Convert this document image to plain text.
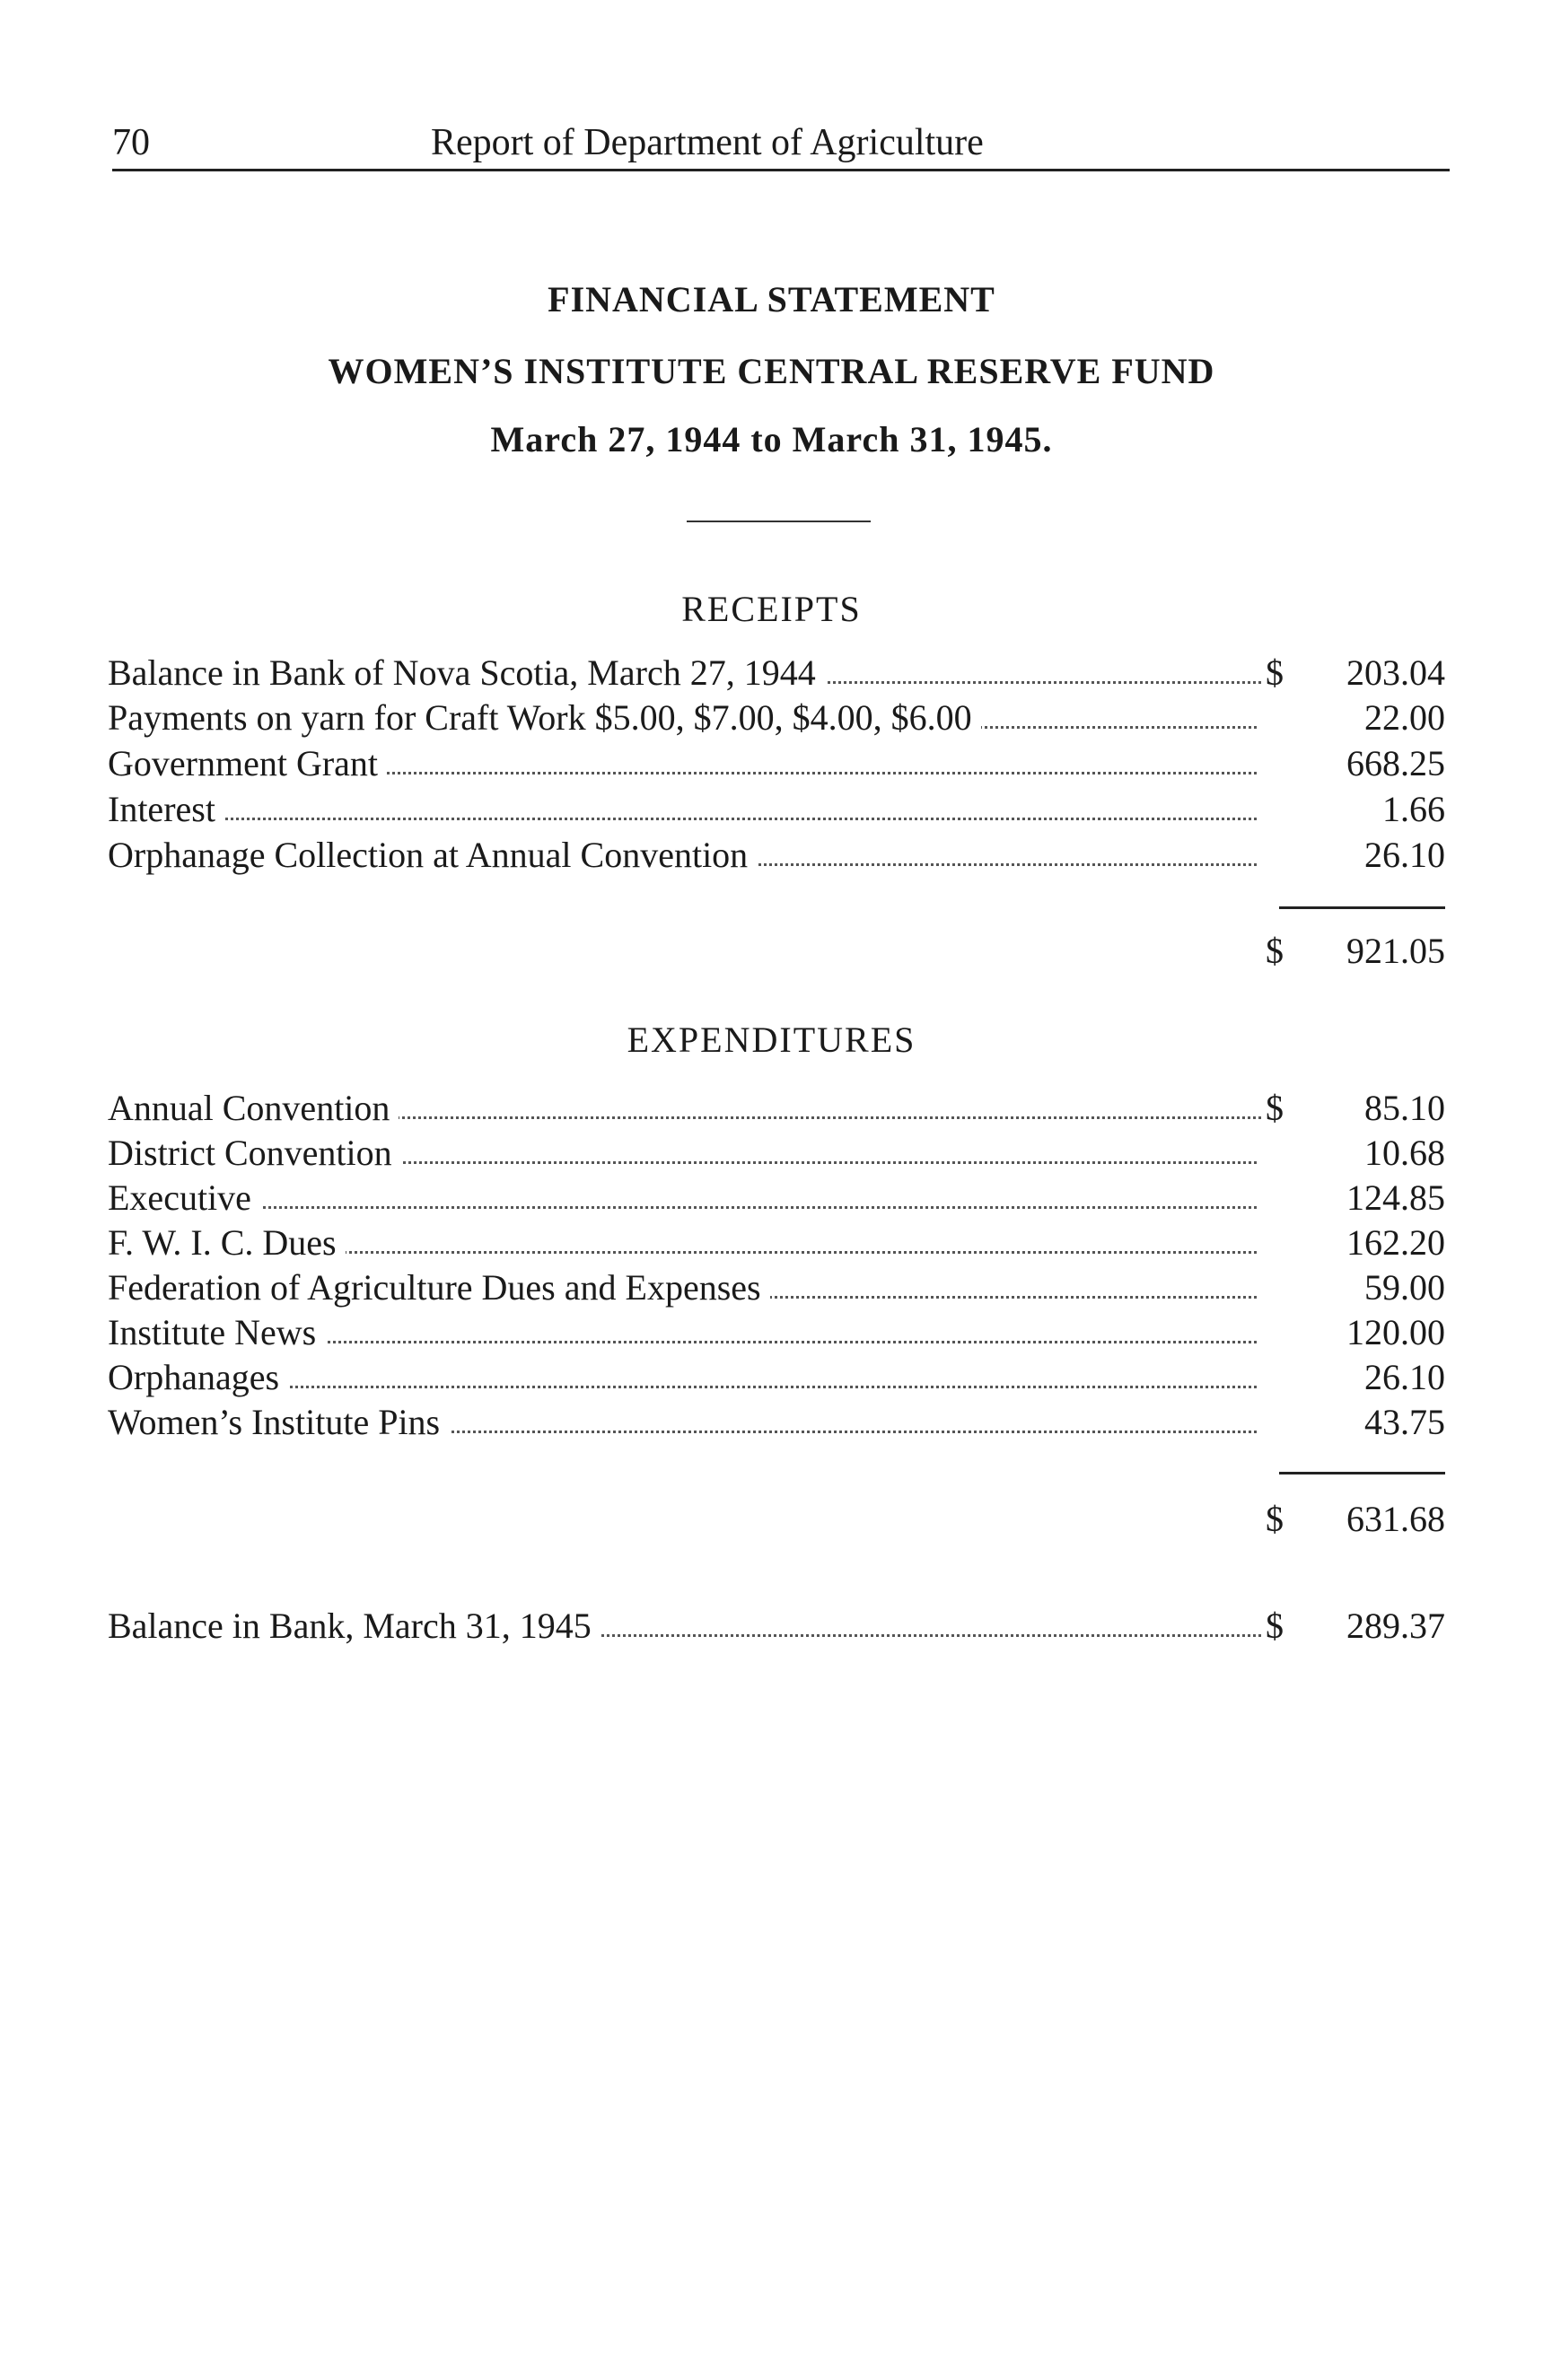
70	Report of Department of Agriculture
FINANCIAL STATEMENT
WOMEN’S INSTITUTE CENTRAL RESERVE FUND
March 27, 1944 to March 31, 1945.
RECEIPTS
Balance in Bank of Nova Scotia, March 27, 1944	$ 203.04
Payments on yarn for Craft Work $5.00, $7.00, $4.00, $6.00	22.00
Government Grant	668.25
Interest	1.66
Orphanage Collection at Annual Convention	26.10
$ 921.05
EXPENDITURES
Annual Convention	$ 85.10
District Convention	10.68
Executive	124.85
F. W. I. C. Dues	162.20
Federation of Agriculture Dues and Expenses	59.00
Institute News	120.00
Orphanages	26.10
Women’s Institute Pins	43.75
$ 631.68
Balance in Bank, March 31, 1945	$ 289.37
